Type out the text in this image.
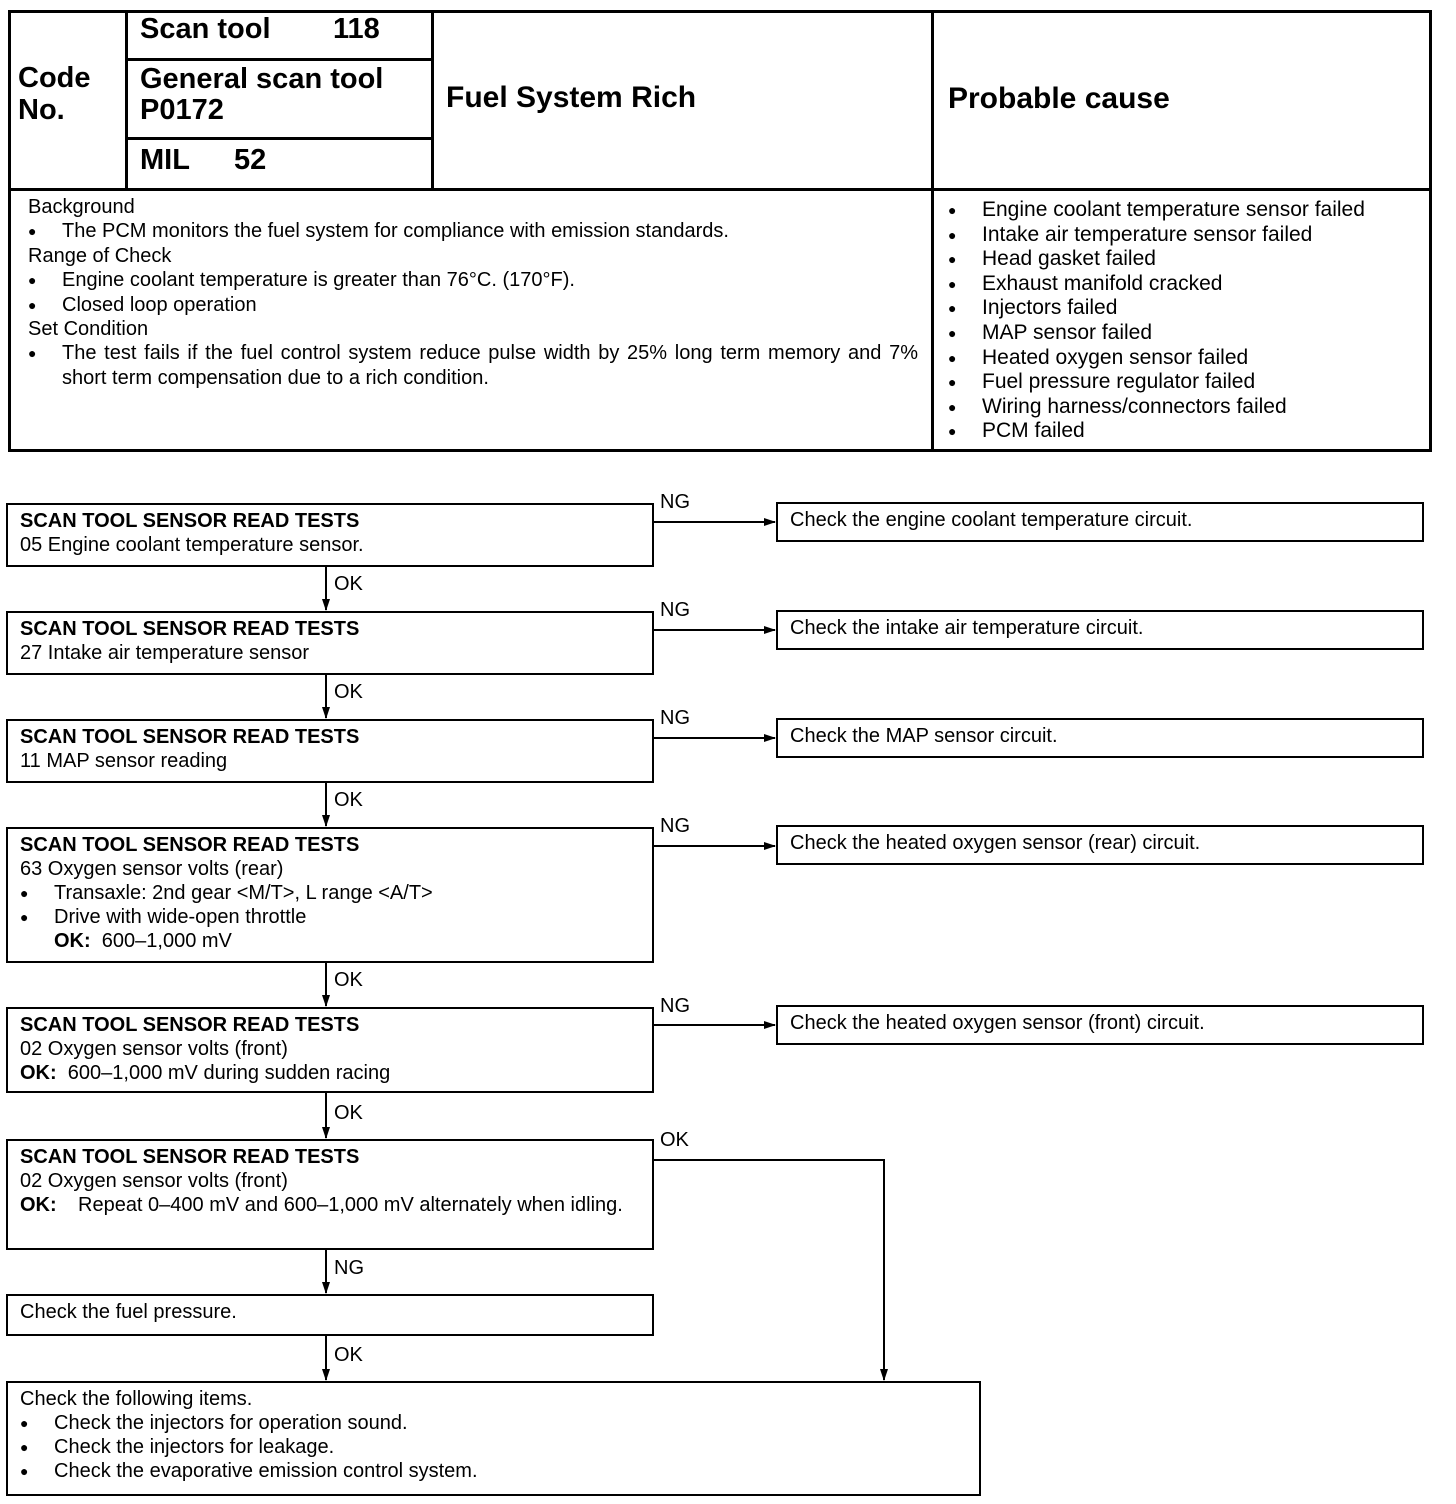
Code
No.
Scan tool 118
General scan tool
P0172
MIL 52
Fuel System Rich	Probable cause
Background
● The PCM monitors the fuel system for compliance with emission standards.
Range of Check
● Engine coolant temperature is greater than 76°C. (170°F).
● Closed loop operation
Set Condition
● The test fails if the fuel control system reduce pulse width by 25% long term memory and 7% short term compensation due to a rich condition.
● Engine coolant temperature sensor failed
● Intake air temperature sensor failed
● Head gasket failed
● Exhaust manifold cracked
● Injectors failed
● MAP sensor failed
● Heated oxygen sensor failed
● Fuel pressure regulator failed
● Wiring harness/connectors failed
● PCM failed
NG
NG
NG
NG
NG
OK
OK
OK
OK
OK
OK
NG
OK
SCAN TOOL SENSOR READ TESTS
05 Engine coolant temperature sensor.
Check the engine coolant temperature circuit.
SCAN TOOL SENSOR READ TESTS
27 Intake air temperature sensor
Check the intake air temperature circuit.
SCAN TOOL SENSOR READ TESTS
11 MAP sensor reading
Check the MAP sensor circuit.
SCAN TOOL SENSOR READ TESTS
63 Oxygen sensor volts (rear)
● Transaxle: 2nd gear <M/T>, L range <A/T>
● Drive with wide-open throttle
OK: 600–1,000 mV
Check the heated oxygen sensor (rear) circuit.
SCAN TOOL SENSOR READ TESTS
02 Oxygen sensor volts (front)
OK: 600–1,000 mV during sudden racing
Check the heated oxygen sensor (front) circuit.
SCAN TOOL SENSOR READ TESTS
02 Oxygen sensor volts (front)
OK:	Repeat 0–400 mV and 600–1,000 mV alternately when idling.
Check the fuel pressure.
Check the following items.
● Check the injectors for operation sound.
● Check the injectors for leakage.
● Check the evaporative emission control system.
